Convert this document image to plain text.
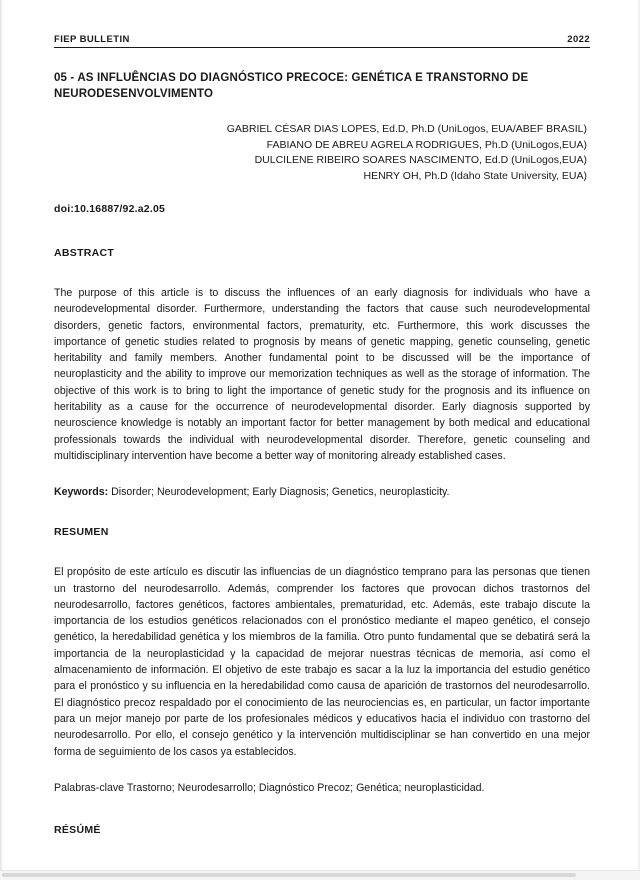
FIEP BULLETIN	2022
05 - AS INFLUÊNCIAS DO DIAGNÓSTICO PRECOCE: GENÉTICA E TRANSTORNO DE NEURODESENVOLVIMENTO
GABRIEL CÉSAR DIAS LOPES, Ed.D, Ph.D (UniLogos, EUA/ABEF BRASIL)
FABIANO DE ABREU AGRELA RODRIGUES, Ph.D (UniLogos,EUA)
DULCILENE RIBEIRO SOARES NASCIMENTO, Ed.D (UniLogos,EUA)
HENRY OH, Ph.D (Idaho State University, EUA)
doi:10.16887/92.a2.05
ABSTRACT
The purpose of this article is to discuss the influences of an early diagnosis for individuals who have a neurodevelopmental disorder. Furthermore, understanding the factors that cause such neurodevelopmental disorders, genetic factors, environmental factors, prematurity, etc. Furthermore, this work discusses the importance of genetic studies related to prognosis by means of genetic mapping, genetic counseling, genetic heritability and family members. Another fundamental point to be discussed will be the importance of neuroplasticity and the ability to improve our memorization techniques as well as the storage of information. The objective of this work is to bring to light the importance of genetic study for the prognosis and its influence on heritability as a cause for the occurrence of neurodevelopmental disorder. Early diagnosis supported by neuroscience knowledge is notably an important factor for better management by both medical and educational professionals towards the individual with neurodevelopmental disorder. Therefore, genetic counseling and multidisciplinary intervention have become a better way of monitoring already established cases.
Keywords: Disorder; Neurodevelopment; Early Diagnosis; Genetics, neuroplasticity.
RESUMEN
El propósito de este artículo es discutir las influencias de un diagnóstico temprano para las personas que tienen un trastorno del neurodesarrollo. Además, comprender los factores que provocan dichos trastornos del neurodesarrollo, factores genéticos, factores ambientales, prematuridad, etc. Además, este trabajo discute la importancia de los estudios genéticos relacionados con el pronóstico mediante el mapeo genético, el consejo genético, la heredabilidad genética y los miembros de la familia. Otro punto fundamental que se debatirá será la importancia de la neuroplasticidad y la capacidad de mejorar nuestras técnicas de memoria, así como el almacenamiento de información. El objetivo de este trabajo es sacar a la luz la importancia del estudio genético para el pronóstico y su influencia en la heredabilidad como causa de aparición de trastornos del neurodesarrollo. El diagnóstico precoz respaldado por el conocimiento de las neurociencias es, en particular, un factor importante para un mejor manejo por parte de los profesionales médicos y educativos hacia el individuo con trastorno del neurodesarrollo. Por ello, el consejo genético y la intervención multidisciplinar se han convertido en una mejor forma de seguimiento de los casos ya establecidos.
Palabras-clave Trastorno; Neurodesarrollo; Diagnóstico Precoz; Genética; neuroplasticidad.
RÉSÚMÉ
